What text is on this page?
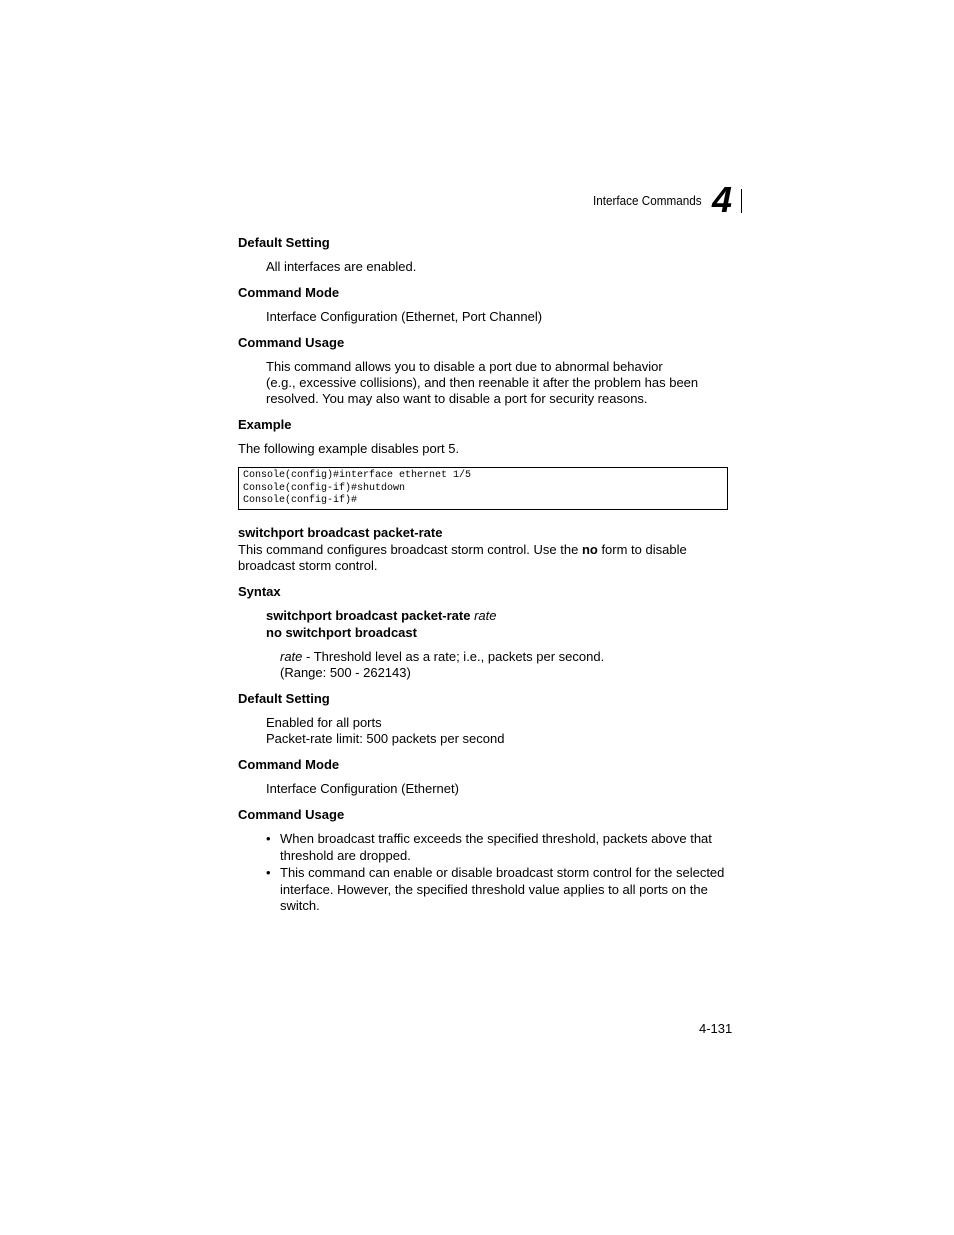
Interface Commands 4
Default Setting
All interfaces are enabled.
Command Mode
Interface Configuration (Ethernet, Port Channel)
Command Usage
This command allows you to disable a port due to abnormal behavior
(e.g., excessive collisions), and then reenable it after the problem has been
resolved. You may also want to disable a port for security reasons.
Example
The following example disables port 5.
Console(config)#interface ethernet 1/5
Console(config-if)#shutdown
Console(config-if)#
switchport broadcast packet-rate
This command configures broadcast storm control. Use the no form to disable
broadcast storm control.
Syntax
switchport broadcast packet-rate rate
no switchport broadcast
rate - Threshold level as a rate; i.e., packets per second.
(Range: 500 - 262143)
Default Setting
Enabled for all ports
Packet-rate limit: 500 packets per second
Command Mode
Interface Configuration (Ethernet)
Command Usage
• When broadcast traffic exceeds the specified threshold, packets above that
threshold are dropped.
• This command can enable or disable broadcast storm control for the selected
interface. However, the specified threshold value applies to all ports on the
switch.
4-131
